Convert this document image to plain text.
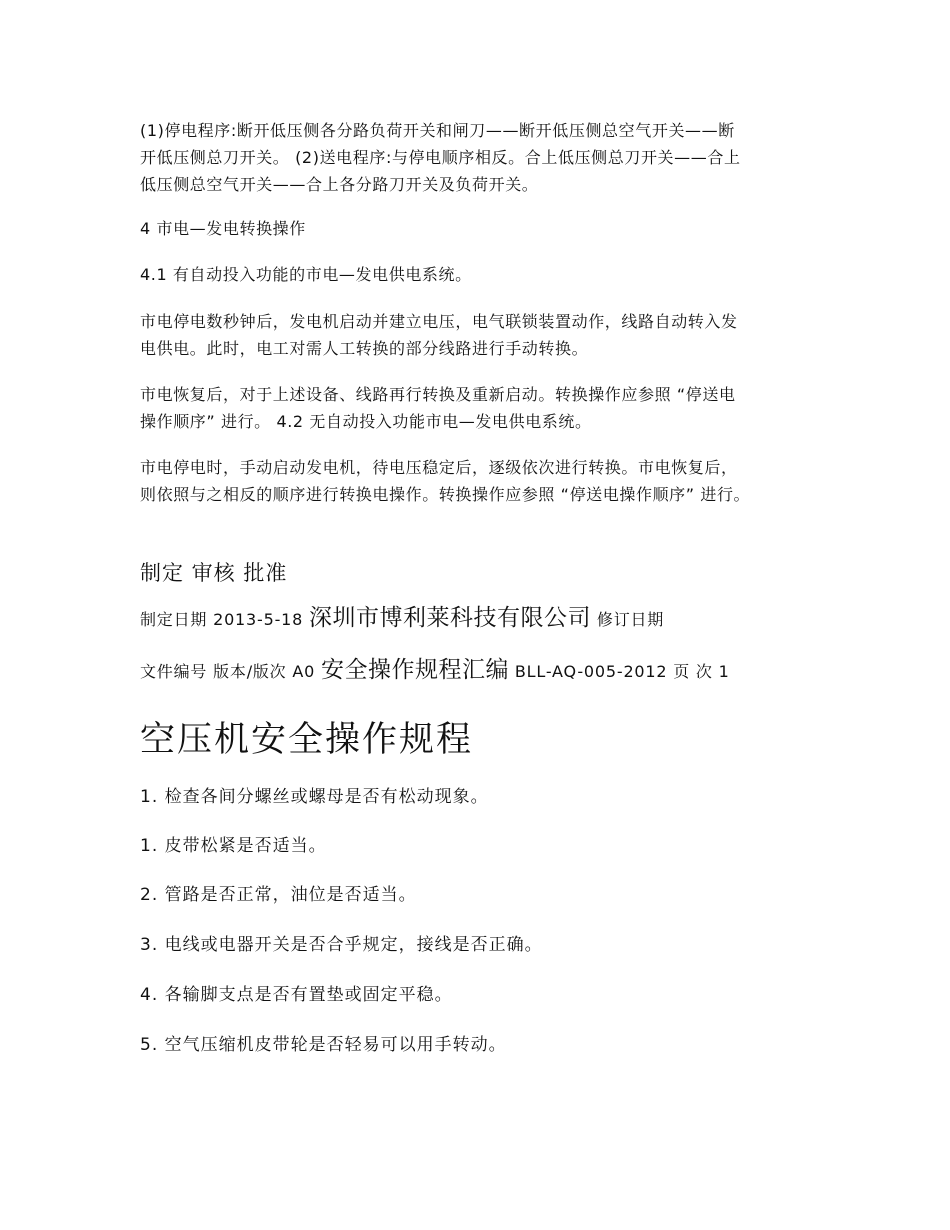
(1)停电程序:断开低压侧各分路负荷开关和闸刀——断开低压侧总空气开关——断
开低压侧总刀开关。 (2)送电程序:与停电顺序相反。合上低压侧总刀开关——合上
低压侧总空气开关——合上各分路刀开关及负荷开关。
4 市电—发电转换操作
4.1 有自动投入功能的市电—发电供电系统。
市电停电数秒钟后，发电机启动并建立电压，电气联锁装置动作，线路自动转入发
电供电。此时，电工对需人工转换的部分线路进行手动转换。
市电恢复后，对于上述设备、线路再行转换及重新启动。转换操作应参照 “停送电
操作顺序” 进行。 4.2 无自动投入功能市电—发电供电系统。
市电停电时，手动启动发电机，待电压稳定后，逐级依次进行转换。市电恢复后，
则依照与之相反的顺序进行转换电操作。转换操作应参照 “停送电操作顺序” 进行。
制定 审核 批准
制定日期 2013-5-18 深圳市博利莱科技有限公司 修订日期
文件编号 版本/版次 A0 安全操作规程汇编 BLL-AQ-005-2012 页 次 1
空压机安全操作规程
1. 检查各间分螺丝或螺母是否有松动现象。
1. 皮带松紧是否适当。
2. 管路是否正常，油位是否适当。
3. 电线或电器开关是否合乎规定，接线是否正确。
4. 各输脚支点是否有置垫或固定平稳。
5. 空气压缩机皮带轮是否轻易可以用手转动。
